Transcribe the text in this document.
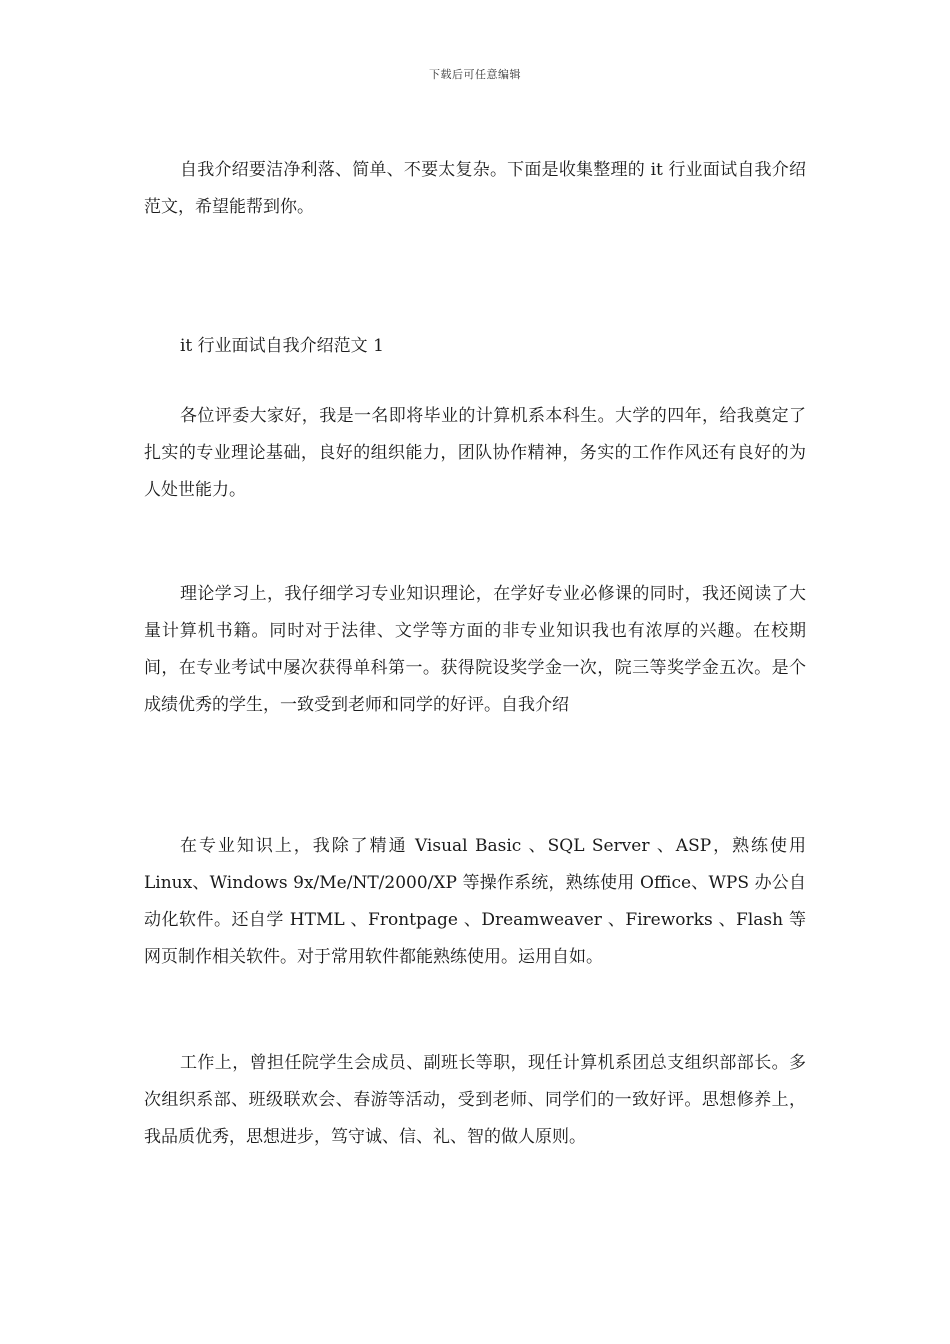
下载后可任意编辑

自我介绍要洁净利落、简单、不要太复杂。下面是收集整理的 it 行业面试自我介绍范文，希望能帮到你。

it 行业面试自我介绍范文 1

各位评委大家好，我是一名即将毕业的计算机系本科生。大学的四年，给我奠定了扎实的专业理论基础，良好的组织能力，团队协作精神，务实的工作作风还有良好的为人处世能力。

理论学习上，我仔细学习专业知识理论，在学好专业必修课的同时，我还阅读了大量计算机书籍。同时对于法律、文学等方面的非专业知识我也有浓厚的兴趣。在校期间，在专业考试中屡次获得单科第一。获得院设奖学金一次，院三等奖学金五次。是个成绩优秀的学生，一致受到老师和同学的好评。自我介绍

在专业知识上，我除了精通 Visual Basic 、SQL Server 、ASP，熟练使用 Linux、Windows 9x/Me/NT/2000/XP 等操作系统，熟练使用 Office、WPS 办公自动化软件。还自学 HTML 、Frontpage 、Dreamweaver 、Fireworks 、Flash 等网页制作相关软件。对于常用软件都能熟练使用。运用自如。

工作上，曾担任院学生会成员、副班长等职，现任计算机系团总支组织部部长。多次组织系部、班级联欢会、春游等活动，受到老师、同学们的一致好评。思想修养上，我品质优秀，思想进步，笃守诚、信、礼、智的做人原则。
